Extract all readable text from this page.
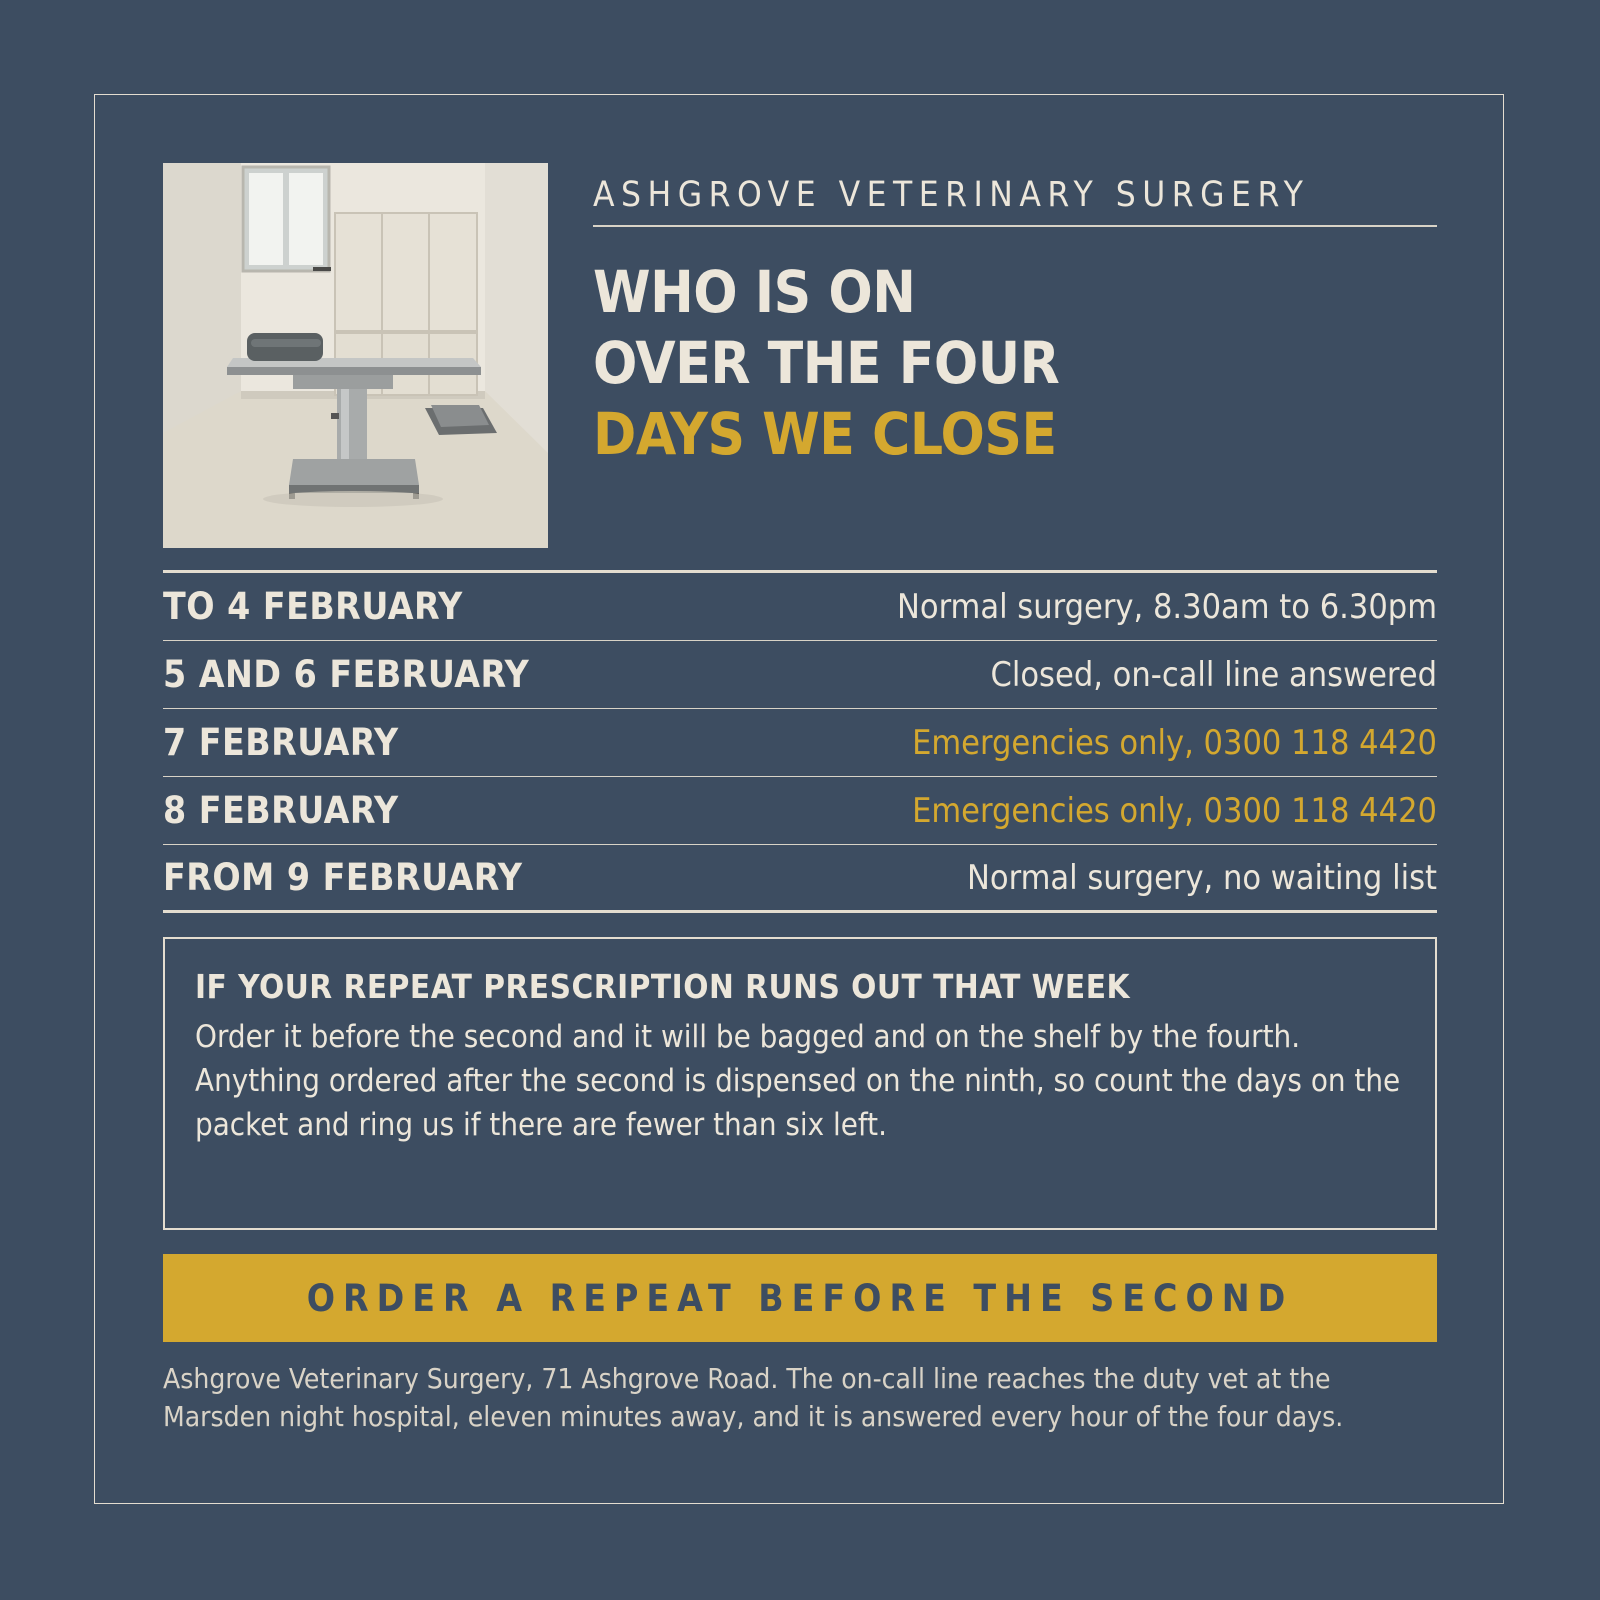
ASHGROVE VETERINARY SURGERY
WHO IS ON
OVER THE FOUR
DAYS WE CLOSE
TO 4 FEBRUARY	Normal surgery, 8.30am to 6.30pm
5 AND 6 FEBRUARY	Closed, on-call line answered
7 FEBRUARY	Emergencies only, 0300 118 4420
8 FEBRUARY	Emergencies only, 0300 118 4420
FROM 9 FEBRUARY	Normal surgery, no waiting list
IF YOUR REPEAT PRESCRIPTION RUNS OUT THAT WEEK
Order it before the second and it will be bagged and on the shelf by the fourth. Anything ordered after the second is dispensed on the ninth, so count the days on the packet and ring us if there are fewer than six left.
ORDER A REPEAT BEFORE THE SECOND
Ashgrove Veterinary Surgery, 71 Ashgrove Road. The on-call line reaches the duty vet at the Marsden night hospital, eleven minutes away, and it is answered every hour of the four days.
